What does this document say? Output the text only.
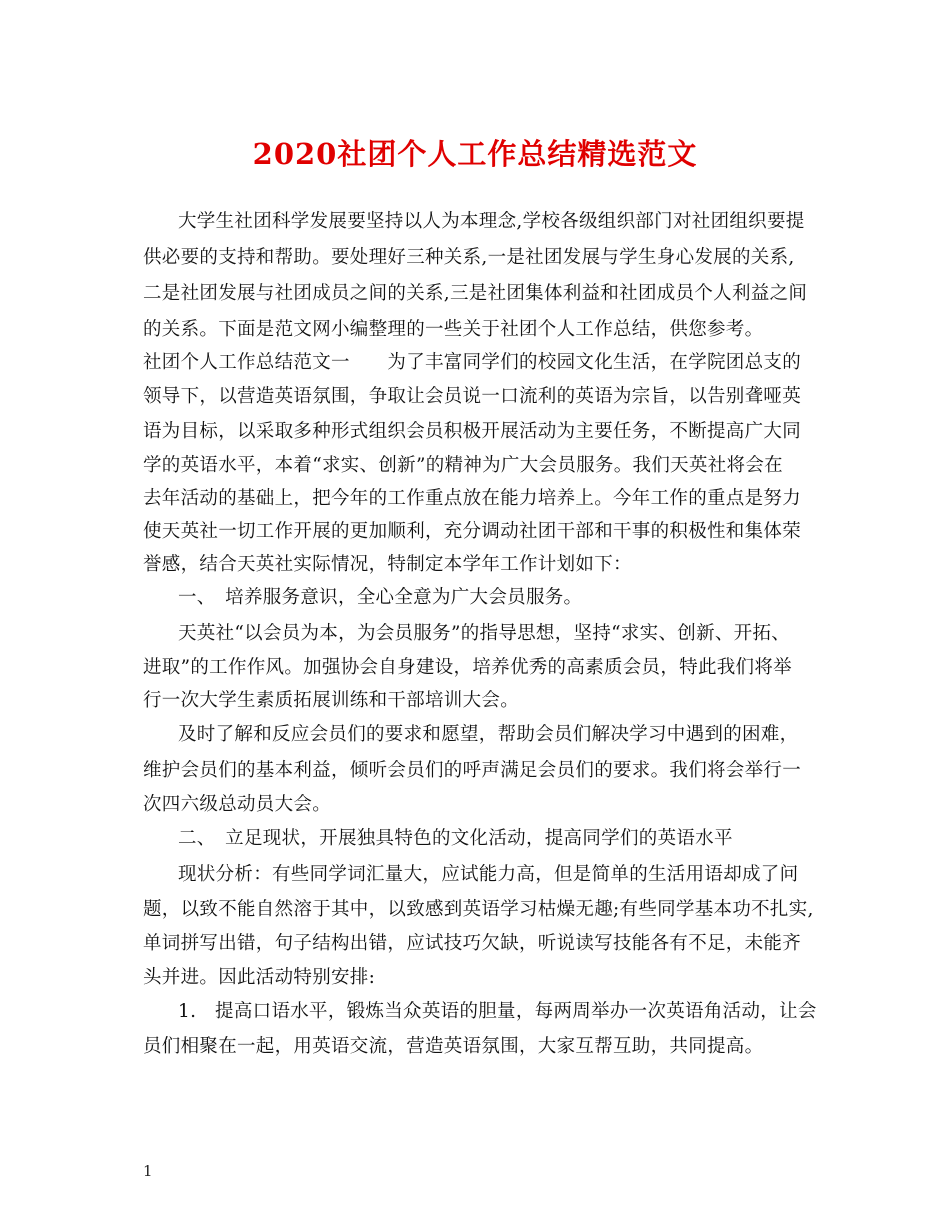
2020社团个人工作总结精选范文
大学生社团科学发展要坚持以人为本理念,学校各级组织部门对社团组织要提
供必要的支持和帮助。要处理好三种关系,一是社团发展与学生身心发展的关系,
二是社团发展与社团成员之间的关系,三是社团集体利益和社团成员个人利益之间
的关系。下面是范文网小编整理的一些关于社团个人工作总结，供您参考。
社团个人工作总结范文一　　为了丰富同学们的校园文化生活，在学院团总支的
领导下，以营造英语氛围，争取让会员说一口流利的英语为宗旨，以告别聋哑英
语为目标，以采取多种形式组织会员积极开展活动为主要任务，不断提高广大同
学的英语水平，本着“求实、创新”的精神为广大会员服务。我们天英社将会在
去年活动的基础上，把今年的工作重点放在能力培养上。今年工作的重点是努力
使天英社一切工作开展的更加顺利，充分调动社团干部和干事的积极性和集体荣
誉感，结合天英社实际情况，特制定本学年工作计划如下：
一、　培养服务意识，全心全意为广大会员服务。
天英社“以会员为本，为会员服务”的指导思想，坚持“求实、创新、开拓、
进取”的工作作风。加强协会自身建设，培养优秀的高素质会员，特此我们将举
行一次大学生素质拓展训练和干部培训大会。
及时了解和反应会员们的要求和愿望，帮助会员们解决学习中遇到的困难，
维护会员们的基本利益，倾听会员们的呼声满足会员们的要求。我们将会举行一
次四六级总动员大会。
二、　立足现状，开展独具特色的文化活动，提高同学们的英语水平
现状分析：有些同学词汇量大，应试能力高，但是简单的生活用语却成了问
题，以致不能自然溶于其中，以致感到英语学习枯燥无趣;有些同学基本功不扎实,
单词拼写出错，句子结构出错，应试技巧欠缺，听说读写技能各有不足，未能齐
头并进。因此活动特别安排:
1.　提高口语水平，锻炼当众英语的胆量，每两周举办一次英语角活动，让会
员们相聚在一起，用英语交流，营造英语氛围，大家互帮互助，共同提高。
1
